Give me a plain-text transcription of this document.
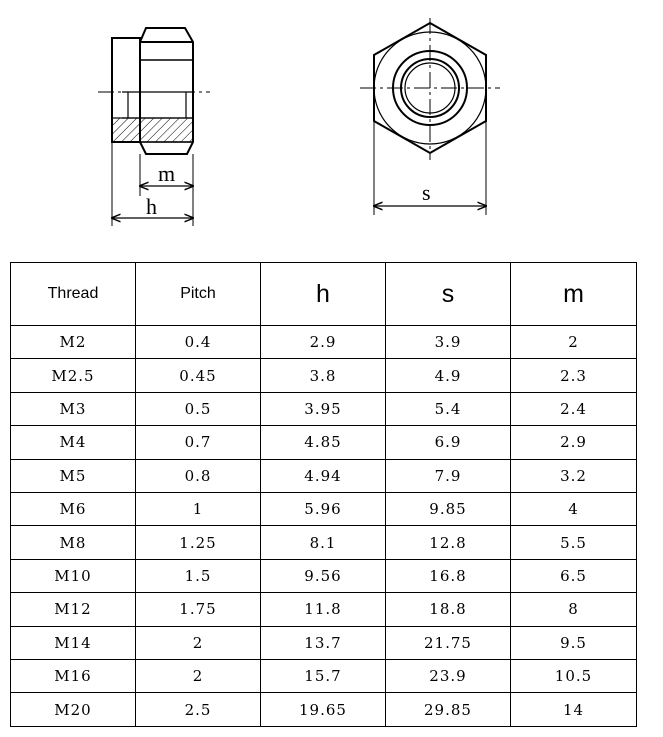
m
h
s
Thread	Pitch	h	s	m
M2	0.4	2.9	3.9	2
M2.5	0.45	3.8	4.9	2.3
M3	0.5	3.95	5.4	2.4
M4	0.7	4.85	6.9	2.9
M5	0.8	4.94	7.9	3.2
M6	1	5.96	9.85	4
M8	1.25	8.1	12.8	5.5
M10	1.5	9.56	16.8	6.5
M12	1.75	11.8	18.8	8
M14	2	13.7	21.75	9.5
M16	2	15.7	23.9	10.5
M20	2.5	19.65	29.85	14
